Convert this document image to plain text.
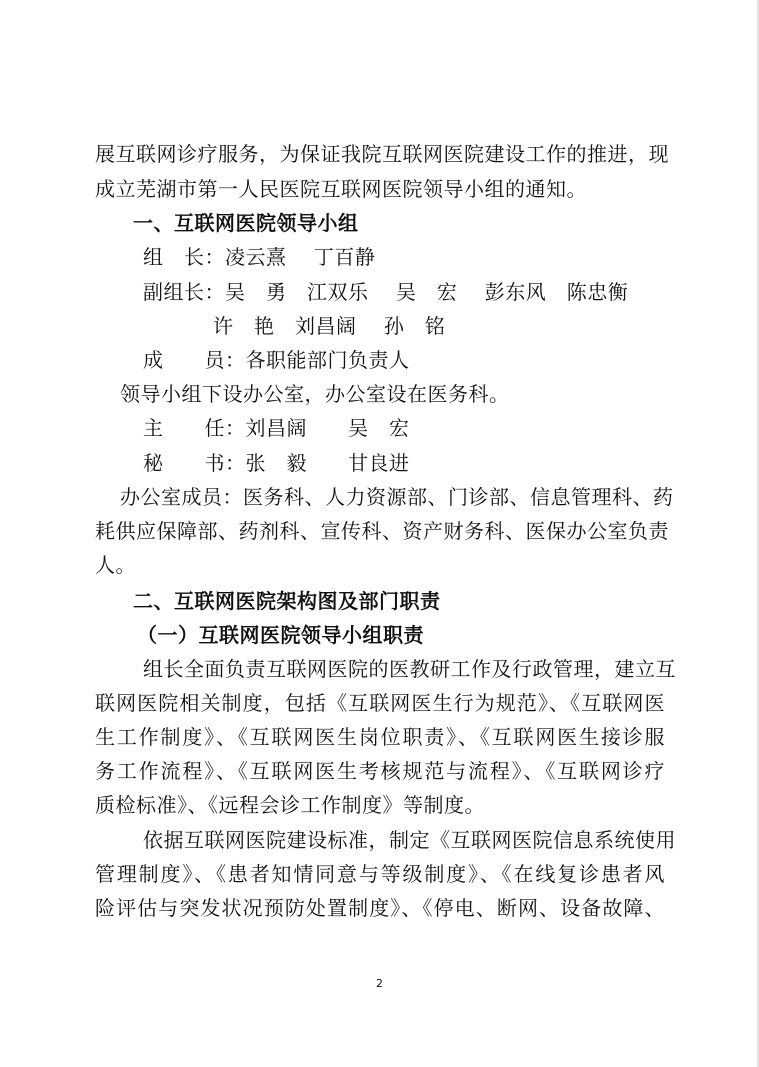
展互联网诊疗服务，为保证我院互联网医院建设工作的推进，现
成立芜湖市第一人民医院互联网医院领导小组的通知。
一、互联网医院领导小组
组　长：凌云熹　 丁百静
副组长：吴　勇　江双乐　 吴　宏　 彭东风　陈忠衡
许　艳　刘昌阔　 孙　铭
成　　员：各职能部门负责人
领导小组下设办公室，办公室设在医务科。
主　　任：刘昌阔　　吴　宏
秘　　书：张　毅　　甘良进
办公室成员：医务科、人力资源部、门诊部、信息管理科、药
耗供应保障部、药剂科、宣传科、资产财务科、医保办公室负责
人。
二、互联网医院架构图及部门职责
（一）互联网医院领导小组职责
组长全面负责互联网医院的医教研工作及行政管理，建立互
联网医院相关制度，包括《互联网医生行为规范》、《互联网医
生工作制度》、《互联网医生岗位职责》、《互联网医生接诊服
务工作流程》、《互联网医生考核规范与流程》、《互联网诊疗
质检标准》、《远程会诊工作制度》等制度。
依据互联网医院建设标准，制定《互联网医院信息系统使用
管理制度》、《患者知情同意与等级制度》、《在线复诊患者风
险评估与突发状况预防处置制度》、《停电、断网、设备故障、
2
